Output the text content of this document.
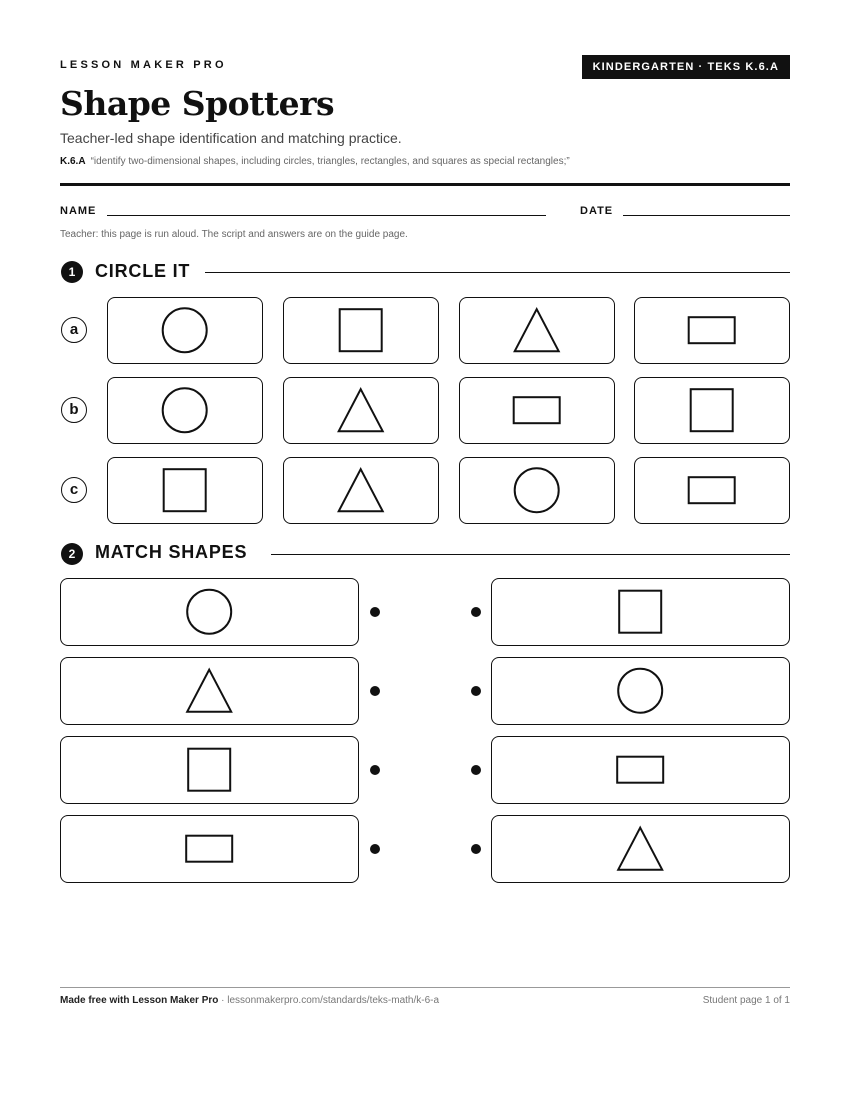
LESSON MAKER PRO	KINDERGARTEN · TEKS K.6.A
Shape Spotters
Teacher-led shape identification and matching practice.
K.6.A “identify two-dimensional shapes, including circles, triangles, rectangles, and squares as special rectangles;”
NAME	DATE
Teacher: this page is run aloud. The script and answers are on the guide page.
1	CIRCLE IT
a
b
c
2	MATCH SHAPES
Made free with Lesson Maker Pro · lessonmakerpro.com/standards/teks-math/k-6-a	Student page 1 of 1
